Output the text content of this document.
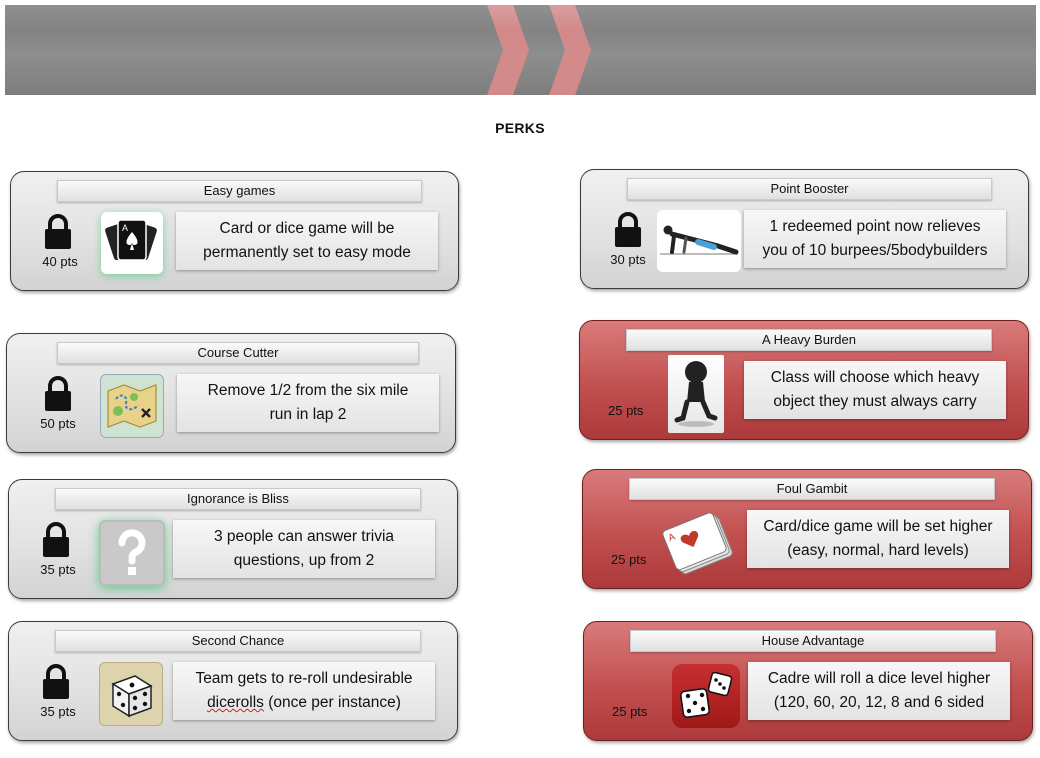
PERKS
Easy games
40 pts
A	Card or dice game will be
permanently set to easy mode
Course Cutter
50 pts
Remove 1/2 from the six mile
run in lap 2
Ignorance is Bliss
35 pts
3 people can answer trivia
questions, up from 2
Second Chance
35 pts
Team gets to re-roll undesirable
dicerolls (once per instance)
Point Booster
30 pts
1 redeemed point now relieves
you of 10 burpees/5bodybuilders
A Heavy Burden
25 pts
Class will choose which heavy
object they must always carry
Foul Gambit
25 pts
A
Card/dice game will be set higher
(easy, normal, hard levels)
House Advantage
25 pts
Cadre will roll a dice level higher
(120, 60, 20, 12, 8 and 6 sided
